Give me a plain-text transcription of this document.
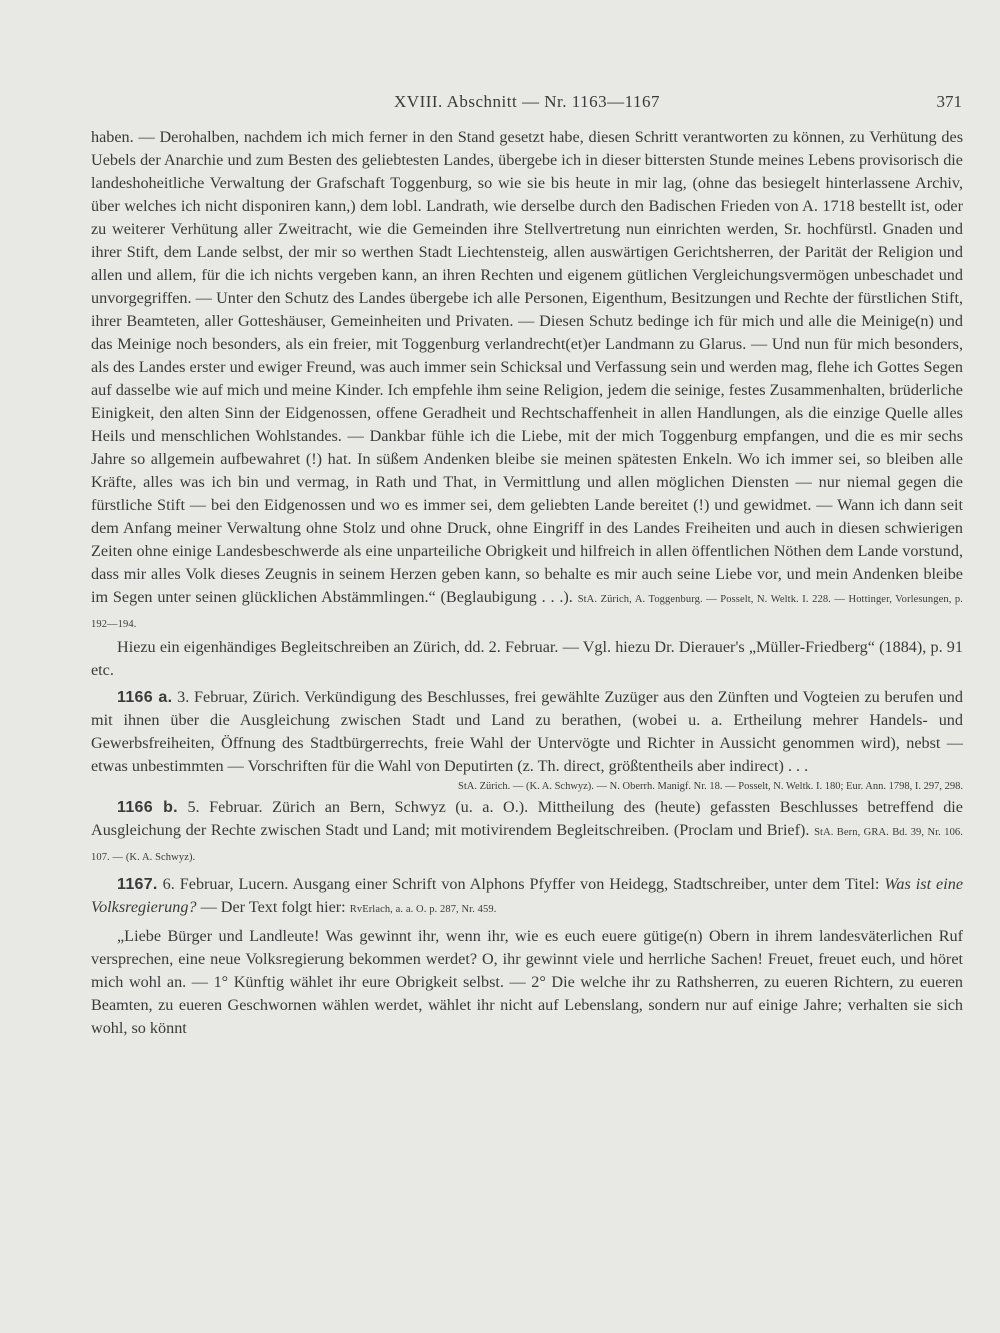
XVIII. Abschnitt — Nr. 1163—1167	371

haben. — Derohalben, nachdem ich mich ferner in den Stand gesetzt habe, diesen Schritt verantworten zu können, zu Verhütung des Uebels der Anarchie und zum Besten des geliebtesten Landes, übergebe ich in dieser bittersten Stunde meines Lebens provisorisch die landeshoheitliche Verwaltung der Grafschaft Toggenburg, so wie sie bis heute in mir lag, (ohne das besiegelt hinterlassene Archiv, über welches ich nicht disponiren kann,) dem lobl. Landrath, wie derselbe durch den Badischen Frieden von A. 1718 bestellt ist, oder zu weiterer Verhütung aller Zweitracht, wie die Gemeinden ihre Stellvertretung nun einrichten werden, Sr. hochfürstl. Gnaden und ihrer Stift, dem Lande selbst, der mir so werthen Stadt Liechtensteig, allen auswärtigen Gerichtsherren, der Parität der Religion und allen und allem, für die ich nichts vergeben kann, an ihren Rechten und eigenem gütlichen Vergleichungsvermögen unbeschadet und unvorgegriffen. — Unter den Schutz des Landes übergebe ich alle Personen, Eigenthum, Besitzungen und Rechte der fürstlichen Stift, ihrer Beamteten, aller Gotteshäuser, Gemeinheiten und Privaten. — Diesen Schutz bedinge ich für mich und alle die Meinige(n) und das Meinige noch besonders, als ein freier, mit Toggenburg verlandrecht(et)er Landmann zu Glarus. — Und nun für mich besonders, als des Landes erster und ewiger Freund, was auch immer sein Schicksal und Verfassung sein und werden mag, flehe ich Gottes Segen auf dasselbe wie auf mich und meine Kinder. Ich empfehle ihm seine Religion, jedem die seinige, festes Zusammenhalten, brüderliche Einigkeit, den alten Sinn der Eidgenossen, offene Geradheit und Rechtschaffenheit in allen Handlungen, als die einzige Quelle alles Heils und menschlichen Wohlstandes. — Dankbar fühle ich die Liebe, mit der mich Toggenburg empfangen, und die es mir sechs Jahre so allgemein aufbewahret (!) hat. In süßem Andenken bleibe sie meinen spätesten Enkeln. Wo ich immer sei, so bleiben alle Kräfte, alles was ich bin und vermag, in Rath und That, in Vermittlung und allen möglichen Diensten — nur niemal gegen die fürstliche Stift — bei den Eidgenossen und wo es immer sei, dem geliebten Lande bereitet (!) und gewidmet. — Wann ich dann seit dem Anfang meiner Verwaltung ohne Stolz und ohne Druck, ohne Eingriff in des Landes Freiheiten und auch in diesen schwierigen Zeiten ohne einige Landesbeschwerde als eine unparteiliche Obrigkeit und hilfreich in allen öffentlichen Nöthen dem Lande vorstund, dass mir alles Volk dieses Zeugnis in seinem Herzen geben kann, so behalte es mir auch seine Liebe vor, und mein Andenken bleibe im Segen unter seinen glücklichen Abstämmlingen.“ (Beglaubigung . . .). StA. Zürich, A. Toggenburg. — Posselt, N. Weltk. I. 228. — Hottinger, Vorlesungen, p. 192—194.

Hiezu ein eigenhändiges Begleitschreiben an Zürich, dd. 2. Februar. — Vgl. hiezu Dr. Dierauer's „Müller-Friedberg“ (1884), p. 91 etc.

1166 a. 3. Februar, Zürich. Verkündigung des Beschlusses, frei gewählte Zuzüger aus den Zünften und Vogteien zu berufen und mit ihnen über die Ausgleichung zwischen Stadt und Land zu berathen, (wobei u. a. Ertheilung mehrer Handels- und Gewerbsfreiheiten, Öffnung des Stadtbürgerrechts, freie Wahl der Untervögte und Richter in Aussicht genommen wird), nebst — etwas unbestimmten — Vorschriften für die Wahl von Deputirten (z. Th. direct, größtentheils aber indirect) . . .

StA. Zürich. — (K. A. Schwyz). — N. Oberrh. Manigf. Nr. 18. — Posselt, N. Weltk. I. 180; Eur. Ann. 1798, I. 297, 298.

1166 b. 5. Februar. Zürich an Bern, Schwyz (u. a. O.). Mittheilung des (heute) gefassten Beschlusses betreffend die Ausgleichung der Rechte zwischen Stadt und Land; mit motivirendem Begleitschreiben. (Proclam und Brief). StA. Bern, GRA. Bd. 39, Nr. 106. 107. — (K. A. Schwyz).

1167. 6. Februar, Lucern. Ausgang einer Schrift von Alphons Pfyffer von Heidegg, Stadtschreiber, unter dem Titel: Was ist eine Volksregierung? — Der Text folgt hier: RvErlach, a. a. O. p. 287, Nr. 459.

„Liebe Bürger und Landleute! Was gewinnt ihr, wenn ihr, wie es euch euere gütige(n) Obern in ihrem landesväterlichen Ruf versprechen, eine neue Volksregierung bekommen werdet? O, ihr gewinnt viele und herrliche Sachen! Freuet, freuet euch, und höret mich wohl an. — 1° Künftig wählet ihr eure Obrigkeit selbst. — 2° Die welche ihr zu Rathsherren, zu eueren Richtern, zu eueren Beamten, zu eueren Geschwornen wählen werdet, wählet ihr nicht auf Lebenslang, sondern nur auf einige Jahre; verhalten sie sich wohl, so könnt
